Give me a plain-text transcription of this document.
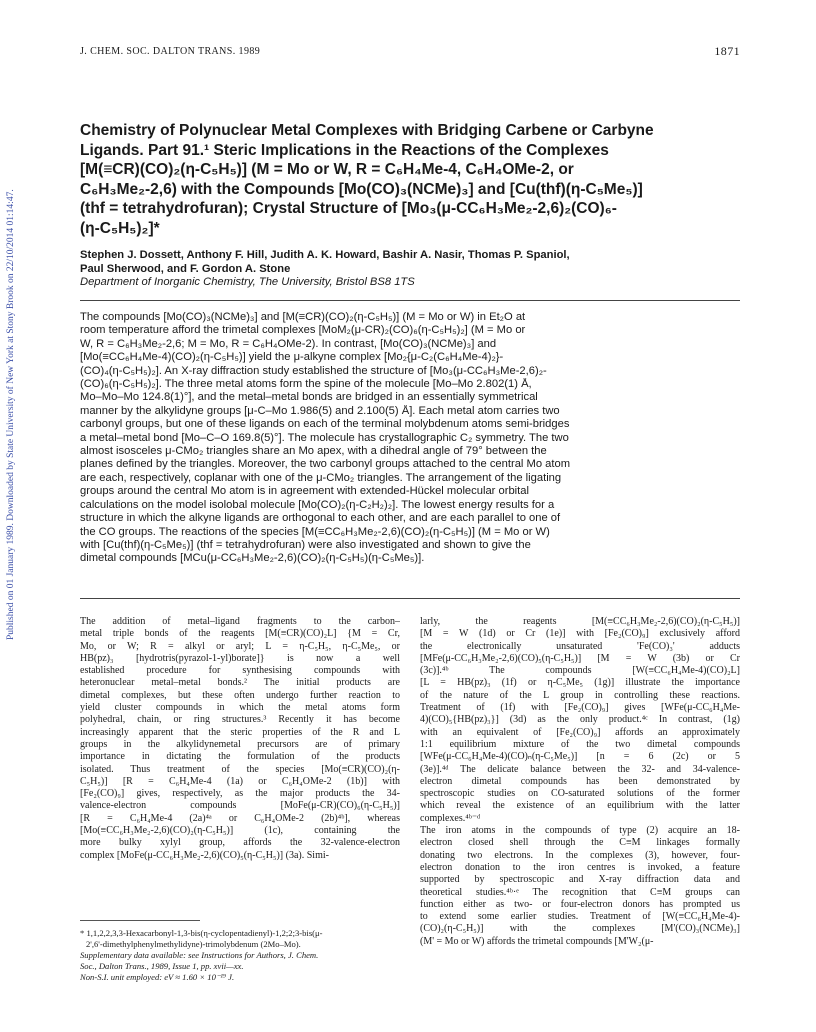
Published on 01 January 1989. Downloaded by State University of New York at Stony Brook on 22/10/2014 01:14:47.
J. CHEM. SOC. DALTON TRANS. 1989	1871
Chemistry of Polynuclear Metal Complexes with Bridging Carbene or Carbyne
Ligands. Part 91.¹ Steric Implications in the Reactions of the Complexes
[M(≡CR)(CO)₂(η-C₅H₅)] (M = Mo or W, R = C₆H₄Me-4, C₆H₄OMe-2, or
C₆H₃Me₂-2,6) with the Compounds [Mo(CO)₃(NCMe)₃] and [Cu(thf)(η-C₅Me₅)]
(thf = tetrahydrofuran); Crystal Structure of [Mo₃(μ-CC₆H₃Me₂-2,6)₂(CO)₆-
(η-C₅H₅)₂]*
Stephen J. Dossett, Anthony F. Hill, Judith A. K. Howard, Bashir A. Nasir, Thomas P. Spaniol,
Paul Sherwood, and F. Gordon A. Stone
Department of Inorganic Chemistry, The University, Bristol BS8 1TS
The compounds [Mo(CO)₃(NCMe)₃] and [M(≡CR)(CO)₂(η-C₅H₅)] (M = Mo or W) in Et₂O at
room temperature afford the trimetal complexes [MoM₂(μ-CR)₂(CO)₆(η-C₅H₅)₂] (M = Mo or
W, R = C₆H₃Me₂-2,6; M = Mo, R = C₆H₄OMe-2). In contrast, [Mo(CO)₃(NCMe)₃] and
[Mo(≡CC₆H₄Me-4)(CO)₂(η-C₅H₅)] yield the μ-alkyne complex [Mo₂{μ-C₂(C₆H₄Me-4)₂}-
(CO)₄(η-C₅H₅)₂]. An X-ray diffraction study established the structure of [Mo₃(μ-CC₆H₃Me-2,6)₂-
(CO)₆(η-C₅H₅)₂]. The three metal atoms form the spine of the molecule [Mo–Mo 2.802(1) Å,
Mo–Mo–Mo 124.8(1)°], and the metal–metal bonds are bridged in an essentially symmetrical
manner by the alkylidyne groups [μ-C–Mo 1.986(5) and 2.100(5) Å]. Each metal atom carries two
carbonyl groups, but one of these ligands on each of the terminal molybdenum atoms semi-bridges
a metal–metal bond [Mo–C–O 169.8(5)°]. The molecule has crystallographic C₂ symmetry. The two
almost isosceles μ-CMo₂ triangles share an Mo apex, with a dihedral angle of 79° between the
planes defined by the triangles. Moreover, the two carbonyl groups attached to the central Mo atom
are each, respectively, coplanar with one of the μ-CMo₂ triangles. The arrangement of the ligating
groups around the central Mo atom is in agreement with extended-Hückel molecular orbital
calculations on the model isolobal molecule [Mo(CO)₂(η-C₂H₂)₂]. The lowest energy results for a
structure in which the alkyne ligands are orthogonal to each other, and are each parallel to one of
the CO groups. The reactions of the species [M(≡CC₆H₃Me₂-2,6)(CO)₂(η-C₅H₅)] (M = Mo or W)
with [Cu(thf)(η-C₅Me₅)] (thf = tetrahydrofuran) were also investigated and shown to give the
dimetal compounds [MCu(μ-CC₆H₃Me₂-2,6)(CO)₂(η-C₅H₅)(η-C₅Me₅)].
The addition of metal–ligand fragments to the carbon–
metal triple bonds of the reagents [M(≡CR)(CO)₂L] {M = Cr,
Mo, or W; R = alkyl or aryl; L = η-C₅H₅, η-C₅Me₅, or
HB(pz)₃ [hydrotris(pyrazol-1-yl)borate]} is now a well
established procedure for synthesising compounds with
heteronuclear metal–metal bonds.² The initial products are
dimetal complexes, but these often undergo further reaction to
yield cluster compounds in which the metal atoms form
polyhedral, chain, or ring structures.³ Recently it has become
increasingly apparent that the steric properties of the R and L
groups in the alkylidynemetal precursors are of primary
importance in dictating the formulation of the products
isolated. Thus treatment of the species [Mo(≡CR)(CO)₂(η-
C₅H₅)] [R = C₆H₄Me-4 (1a) or C₆H₄OMe-2 (1b)] with
[Fe₂(CO)₉] gives, respectively, as the major products the 34-
valence-electron compounds [MoFe(μ-CR)(CO)₆(η-C₅H₅)]
[R = C₆H₄Me-4 (2a)⁴ᵃ or C₆H₄OMe-2 (2b)⁴ᵇ], whereas
[Mo(≡CC₆H₃Me₂-2,6)(CO)₂(η-C₅H₅)] (1c), containing the
more bulky xylyl group, affords the 32-valence-electron
complex [MoFe(μ-CC₆H₃Me₂-2,6)(CO)₅(η-C₅H₅)] (3a). Simi-
larly, the reagents [M(≡CC₆H₃Me₂-2,6)(CO)₂(η-C₅H₅)]
[M = W (1d) or Cr (1e)] with [Fe₂(CO)₉] exclusively afford
the electronically unsaturated 'Fe(CO)₃' adducts
[MFe(μ-CC₆H₃Me₂-2,6)(CO)₅(η-C₅H₅)] [M = W (3b) or Cr
(3c)].⁴ᵇ The compounds [W(≡CC₆H₄Me-4)(CO)₂L]
[L = HB(pz)₃ (1f) or η-C₅Me₅ (1g)] illustrate the importance
of the nature of the L group in controlling these reactions.
Treatment of (1f) with [Fe₂(CO)₉] gives [WFe(μ-CC₆H₄Me-
4)(CO)₅{HB(pz)₃}] (3d) as the only product.⁴ᶜ In contrast, (1g)
with an equivalent of [Fe₂(CO)₉] affords an approximately
1:1 equilibrium mixture of the two dimetal compounds
[WFe(μ-CC₆H₄Me-4)(CO)ₙ(η-C₅Me₅)] [n = 6 (2c) or 5
(3e)].⁴ᵈ The delicate balance between the 32- and 34-valence-
electron dimetal compounds has been demonstrated by
spectroscopic studies on CO-saturated solutions of the former
which reveal the existence of an equilibrium with the latter
complexes.⁴ᵇ⁻ᵈ
The iron atoms in the compounds of type (2) acquire an 18-
electron closed shell through the C≡M linkages formally
donating two electrons. In the complexes (3), however, four-
electron donation to the iron centres is invoked, a feature
supported by spectroscopic and X-ray diffraction data and
theoretical studies.⁴ᵇ·ᵉ The recognition that C≡M groups can
function either as two- or four-electron donors has prompted us
to extend some earlier studies. Treatment of [W(≡CC₆H₄Me-4)-
(CO)₂(η-C₅H₅)] with the complexes [M'(CO)₃(NCMe)₃]
(M' = Mo or W) affords the trimetal compounds [M'W₂(μ-
* 1,1,2,2,3,3-Hexacarbonyl-1,3-bis(η-cyclopentadienyl)-1,2;2;3-bis(μ-
2',6'-dimethylphenylmethylidyne)-trimolybdenum (2Mo–Mo).
Supplementary data available: see Instructions for Authors, J. Chem.
Soc., Dalton Trans., 1989, Issue 1, pp. xvii—xx.
Non-S.I. unit employed: eV ≈ 1.60 × 10⁻¹⁹ J.
